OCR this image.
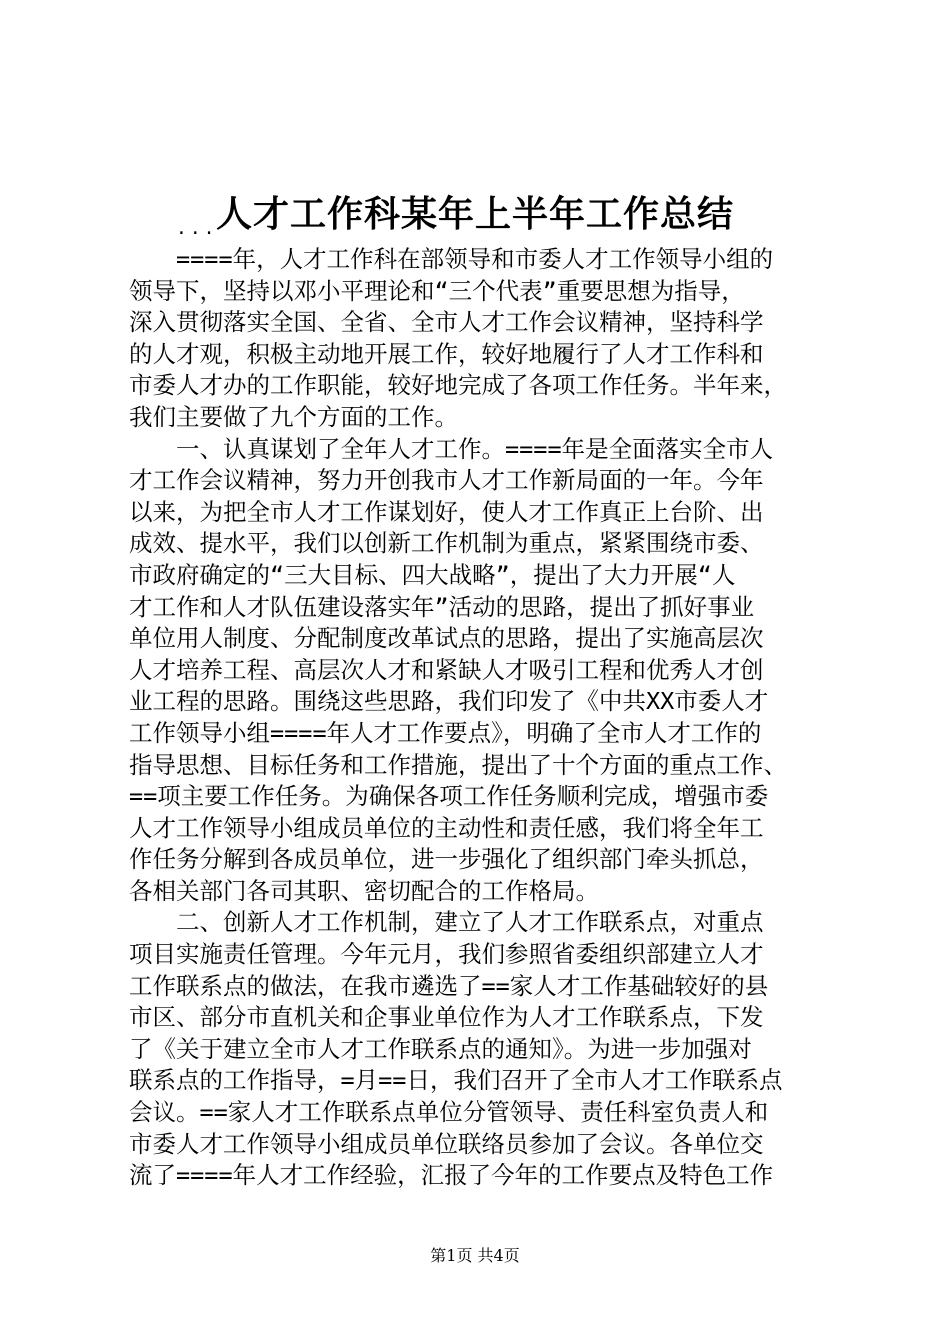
人才工作科某年上半年工作总结
...
　　====年，人才工作科在部领导和市委人才工作领导小组的
领导下，坚持以邓小平理论和“三个代表”重要思想为指导，
深入贯彻落实全国、全省、全市人才工作会议精神，坚持科学
的人才观，积极主动地开展工作，较好地履行了人才工作科和
市委人才办的工作职能，较好地完成了各项工作任务。半年来，
我们主要做了九个方面的工作。
　　一、认真谋划了全年人才工作。====年是全面落实全市人
才工作会议精神，努力开创我市人才工作新局面的一年。今年
以来，为把全市人才工作谋划好，使人才工作真正上台阶、出
成效、提水平，我们以创新工作机制为重点，紧紧围绕市委、
市政府确定的“三大目标、四大战略”，提出了大力开展“人
才工作和人才队伍建设落实年”活动的思路，提出了抓好事业
单位用人制度、分配制度改革试点的思路，提出了实施高层次
人才培养工程、高层次人才和紧缺人才吸引工程和优秀人才创
业工程的思路。围绕这些思路，我们印发了《中共XX市委人才
工作领导小组====年人才工作要点》，明确了全市人才工作的
指导思想、目标任务和工作措施，提出了十个方面的重点工作、
==项主要工作任务。为确保各项工作任务顺利完成，增强市委
人才工作领导小组成员单位的主动性和责任感，我们将全年工
作任务分解到各成员单位，进一步强化了组织部门牵头抓总，
各相关部门各司其职、密切配合的工作格局。
　　二、创新人才工作机制，建立了人才工作联系点，对重点
项目实施责任管理。今年元月，我们参照省委组织部建立人才
工作联系点的做法，在我市遴选了==家人才工作基础较好的县
市区、部分市直机关和企事业单位作为人才工作联系点，下发
了《关于建立全市人才工作联系点的通知》。为进一步加强对
联系点的工作指导，=月==日，我们召开了全市人才工作联系点
会议。==家人才工作联系点单位分管领导、责任科室负责人和
市委人才工作领导小组成员单位联络员参加了会议。各单位交
流了====年人才工作经验，汇报了今年的工作要点及特色工作
第1页 共4页
